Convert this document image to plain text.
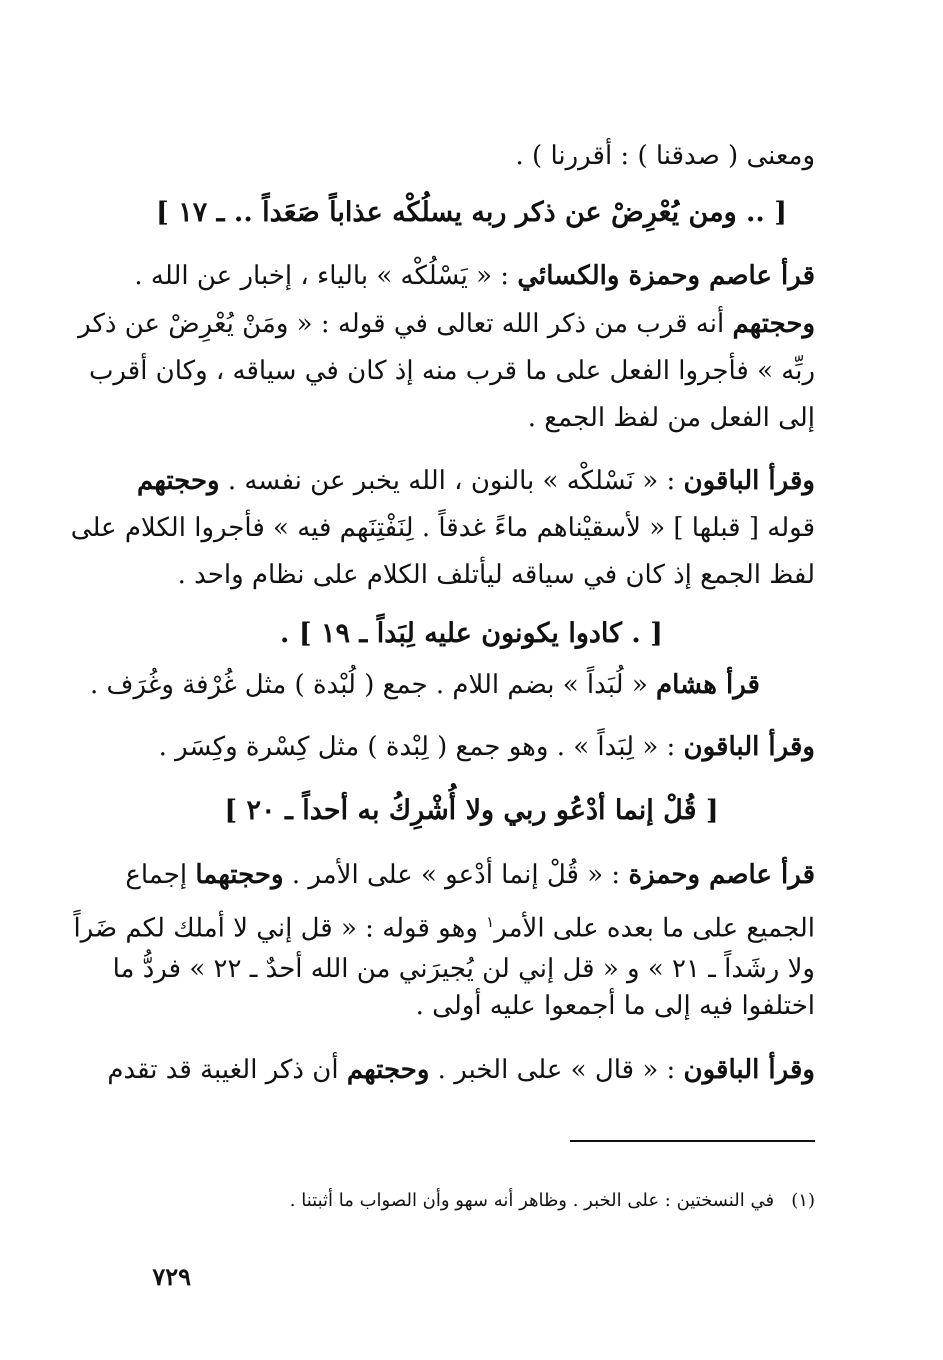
ومعنى ( صدقنا ) : أقررنا ) .
[ .. ومن يُعْرِضْ عن ذكر ربه يسلُكْه عذاباً صَعَداً .. ـ ١٧ ]
قرأ عاصم وحمزة والكسائي : « يَسْلُكْه » بالياء ، إخبار عن الله .
وحجتهم أنه قرب من ذكر الله تعالى في قوله : « ومَنْ يُعْرِضْ عن ذكر
ربِّه » فأجروا الفعل على ما قرب منه إذ كان في سياقه ، وكان أقرب
إلى الفعل من لفظ الجمع .
وقرأ الباقون : « نَسْلكْه » بالنون ، الله يخبر عن نفسه . وحجتهم
قوله [ قبلها ] « لأسقيْناهم ماءً غدقاً . لِنَفْتِنَهم فيه » فأجروا الكلام على
لفظ الجمع إذ كان في سياقه ليأتلف الكلام على نظام واحد .
[ . كادوا يكونون عليه لِبَداً ـ ١٩ ] .
قرأ هشام « لُبَداً » بضم اللام . جمع ( لُبْدة ) مثل غُرْفة وغُرَف .
وقرأ الباقون : « لِبَداً » . وهو جمع ( لِبْدة ) مثل كِسْرة وكِسَر .
[ قُلْ إنما أدْعُو ربي ولا أُشْرِكُ به أحداً ـ ٢٠ ]
قرأ عاصم وحمزة : « قُلْ إنما أدْعو » على الأمر . وحجتهما إجماع
الجميع على ما بعده على الأمر$^١$ وهو قوله : « قل إني لا أملك لكم ضَراً
ولا رشَداً ـ ٢١ » و « قل إني لن يُجيرَني من الله أحدٌ ـ ٢٢ » فردُّ ما
اختلفوا فيه إلى ما أجمعوا عليه أولى .
وقرأ الباقون : « قال » على الخبر . وحجتهم أن ذكر الغيبة قد تقدم
(١)   في النسختين : على الخبر . وظاهر أنه سهو وأن الصواب ما أثبتنا .
٧٢٩
